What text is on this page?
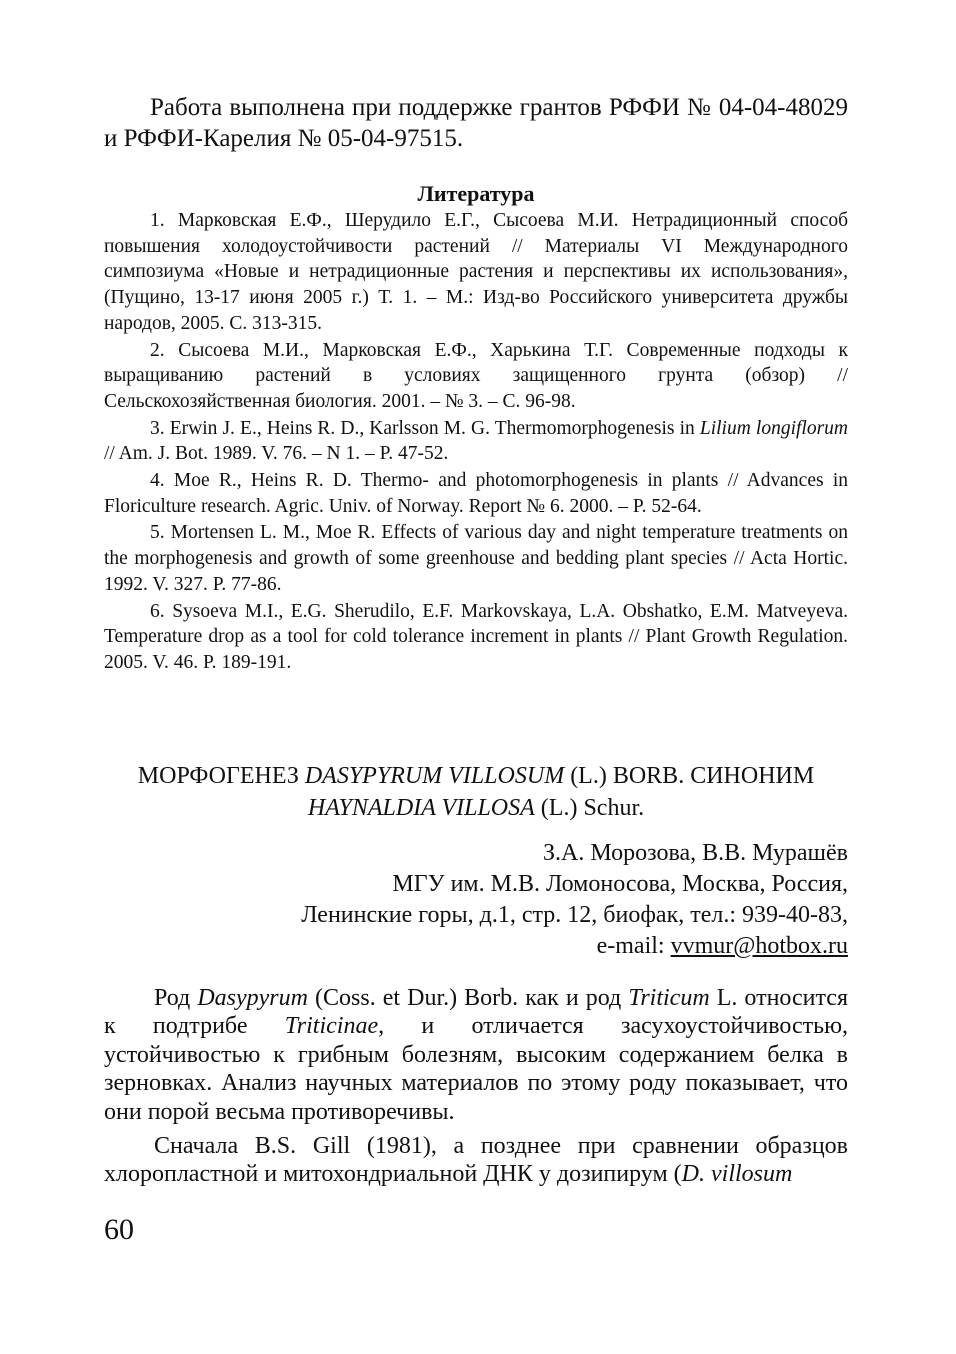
Работа выполнена при поддержке грантов РФФИ № 04-04-48029 и РФФИ-Карелия № 05-04-97515.
Литература
1. Марковская Е.Ф., Шерудило Е.Г., Сысоева М.И. Нетрадиционный способ повышения холодоустойчивости растений // Материалы VI Международного симпозиума «Новые и нетрадиционные растения и перспективы их использования», (Пущино, 13-17 июня 2005 г.) Т. 1. – М.: Изд-во Российского университета дружбы народов, 2005. С. 313-315.
2. Сысоева М.И., Марковская Е.Ф., Харькина Т.Г. Современные подходы к выращиванию растений в условиях защищенного грунта (обзор) // Сельскохозяйственная биология. 2001. – № 3. – С. 96-98.
3. Erwin J. E., Heins R. D., Karlsson M. G. Thermomorphogenesis in Lilium longiflorum // Am. J. Bot. 1989. V. 76. – N 1. – P. 47-52.
4. Moe R., Heins R. D. Thermo- and photomorphogenesis in plants // Advances in Floriculture research. Agric. Univ. of Norway. Report № 6. 2000. – P. 52-64.
5. Mortensen L. M., Moe R. Effects of various day and night temperature treatments on the morphogenesis and growth of some greenhouse and bedding plant species // Acta Hortic. 1992. V. 327. P. 77-86.
6. Sysoeva M.I., E.G. Sherudilo, E.F. Markovskaya, L.A. Obshatko, E.M. Matveyeva. Temperature drop as a tool for cold tolerance increment in plants // Plant Growth Regulation. 2005. V. 46. P. 189-191.
МОРФОГЕНЕЗ DASYPYRUM VILLOSUM (L.) BORB. СИНОНИМ
HAYNALDIA VILLOSA (L.) Schur.
З.А. Морозова, В.В. Мурашёв
МГУ им. М.В. Ломоносова, Москва, Россия,
Ленинские горы, д.1, стр. 12, биофак, тел.: 939-40-83,
e-mail: vvmur@hotbox.ru

Род Dasypyrum (Coss. et Dur.) Borb. как и род Triticum L. относится к подтрибе Triticinae, и отличается засухоустойчивостью, устойчивостью к грибным болезням, высоким содержанием белка в зерновках. Анализ научных материалов по этому роду показывает, что они порой весьма противоречивы.

Сначала B.S. Gill (1981), а позднее при сравнении образцов хлоропластной и митохондриальной ДНК у дозипирум (D. villosum

60
